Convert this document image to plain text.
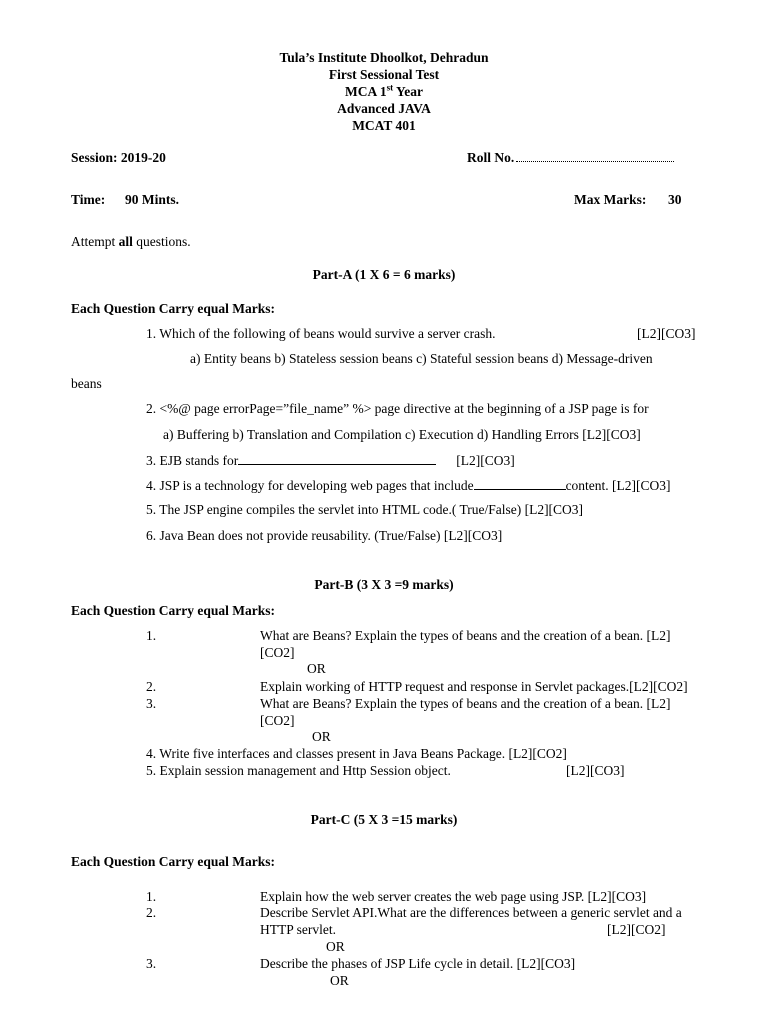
Tula’s Institute Dhoolkot, Dehradun
First Sessional Test
MCA 1st Year
Advanced JAVA
MCAT 401
Session: 2019-20	Roll No.
Time: 90 Mints.	Max Marks: 30
Attempt all questions.
Part-A (1 X 6 = 6 marks)
Each Question Carry equal Marks:
1. Which of the following of beans would survive a server crash.	[L2][CO3]
a) Entity beans b) Stateless session beans c) Stateful session beans d) Message-driven
beans
2. <%@ page errorPage=”file_name” %> page directive at the beginning of a JSP page is for
a) Buffering b) Translation and Compilation c) Execution d) Handling Errors [L2][CO3]
3. EJB stands for	[L2][CO3]
4. JSP is a technology for developing web pages that include	content. [L2][CO3]
5. The JSP engine compiles the servlet into HTML code.( True/False) [L2][CO3]
6. Java Bean does not provide reusability. (True/False) [L2][CO3]
Part-B (3 X 3 =9 marks)
Each Question Carry equal Marks:
1.	What are Beans? Explain the types of beans and the creation of a bean. [L2]
[CO2]
OR
2.	Explain working of HTTP request and response in Servlet packages.[L2][CO2]
3.	What are Beans? Explain the types of beans and the creation of a bean. [L2]
[CO2]
OR
4. Write five interfaces and classes present in Java Beans Package. [L2][CO2]
5. Explain session management and Http Session object.	[L2][CO3]
Part-C (5 X 3 =15 marks)
Each Question Carry equal Marks:
1.	Explain how the web server creates the web page using JSP. [L2][CO3]
2.	Describe Servlet API.What are the differences between a generic servlet and a
HTTP servlet.	[L2][CO2]
OR
3.	Describe the phases of JSP Life cycle in detail. [L2][CO3]
OR
